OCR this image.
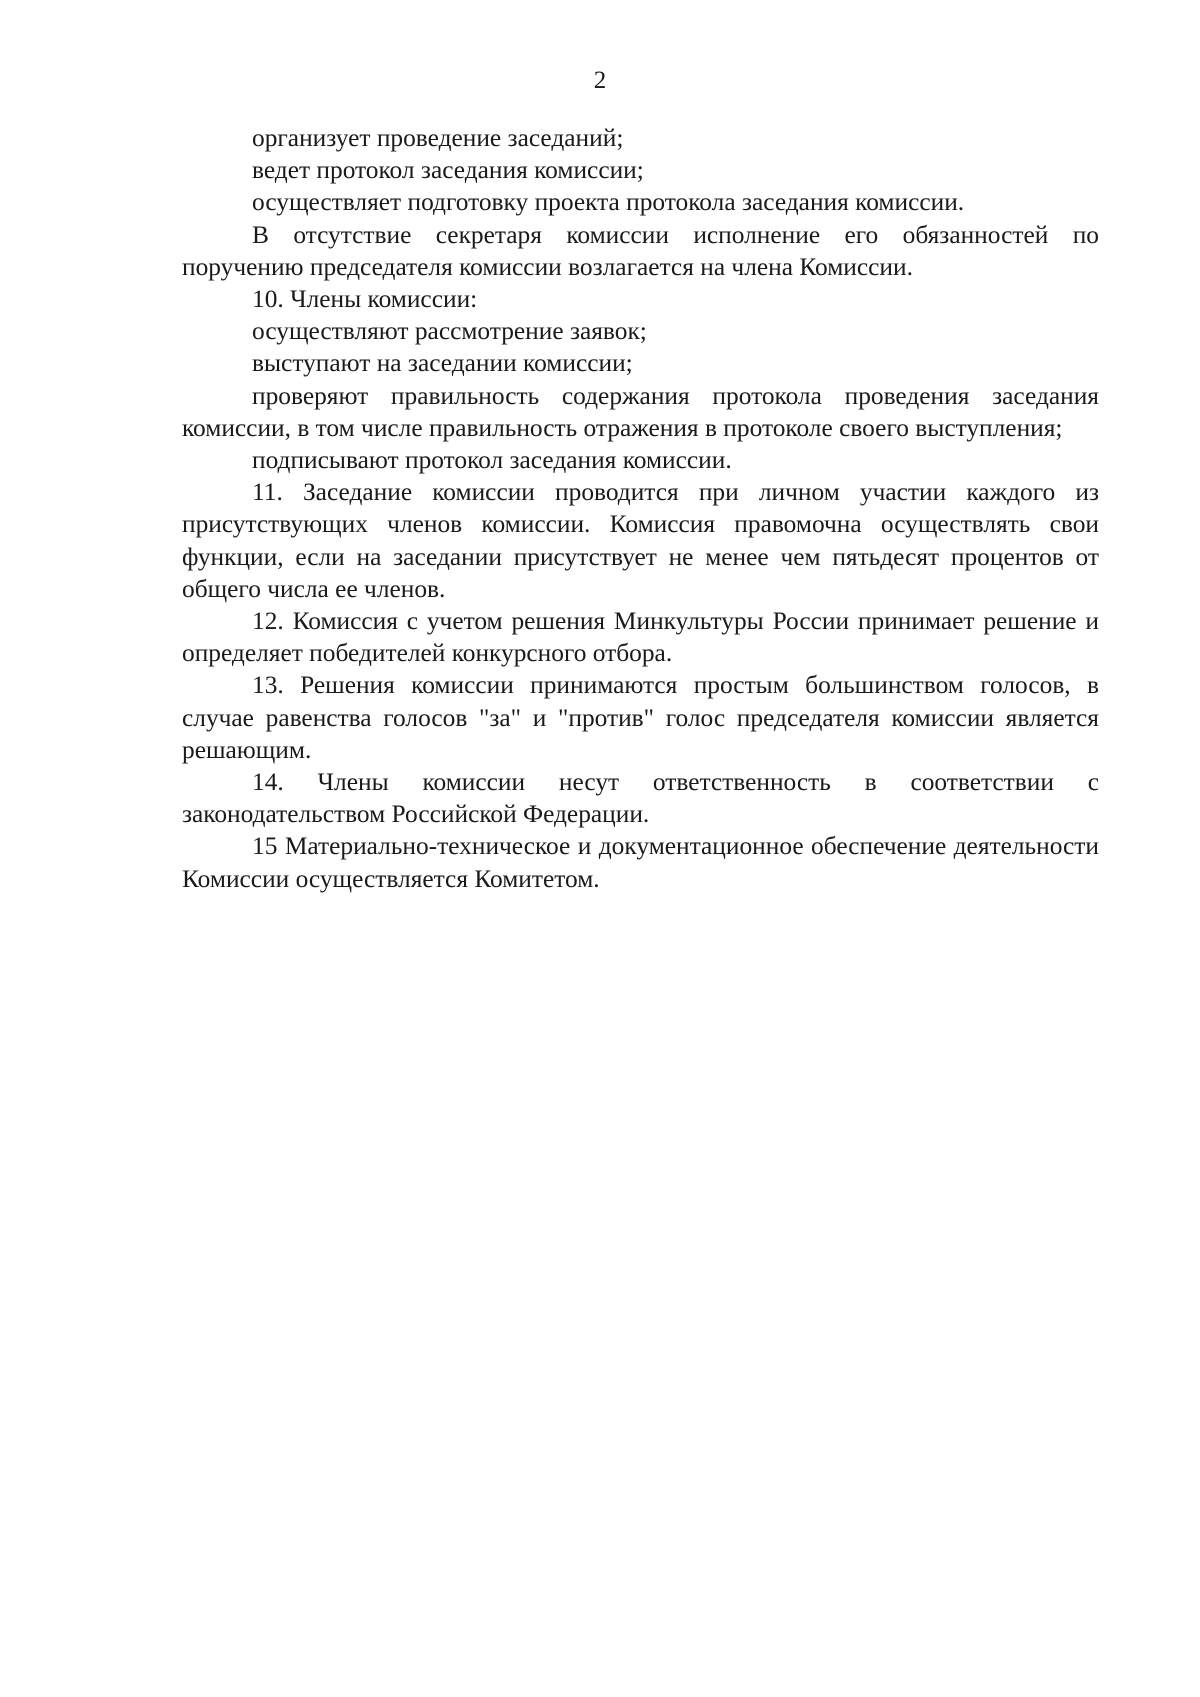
2

организует проведение заседаний;

ведет протокол заседания комиссии;

осуществляет подготовку проекта протокола заседания комиссии.

В отсутствие секретаря комиссии исполнение его обязанностей по поручению председателя комиссии возлагается на члена Комиссии.

10. Члены комиссии:

осуществляют рассмотрение заявок;

выступают на заседании комиссии;

проверяют правильность содержания протокола проведения заседания комиссии, в том числе правильность отражения в протоколе своего выступления;

подписывают протокол заседания комиссии.

11. Заседание комиссии проводится при личном участии каждого из присутствующих членов комиссии. Комиссия правомочна осуществлять свои функции, если на заседании присутствует не менее чем пятьдесят процентов от общего числа ее членов.

12. Комиссия с учетом решения Минкультуры России принимает решение и определяет победителей конкурсного отбора.

13. Решения комиссии принимаются простым большинством голосов, в случае равенства голосов "за" и "против" голос председателя комиссии является решающим.

14. Члены комиссии несут ответственность в соответствии с законодательством Российской Федерации.

15 Материально-техническое и документационное обеспечение деятельности Комиссии осуществляется Комитетом.
